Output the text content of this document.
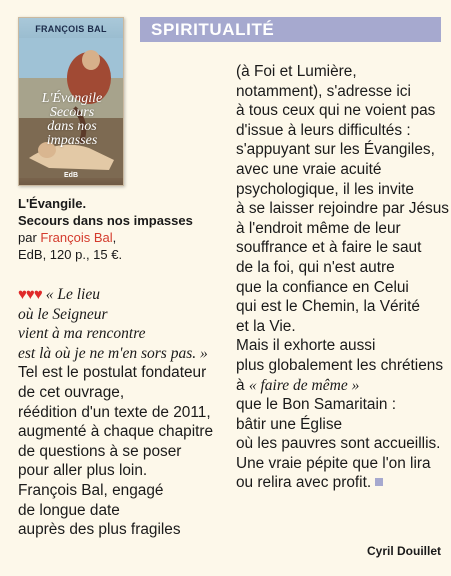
FRANÇOIS BAL
L'Évangile
Secours
dans nos
impasses
EdB
SPIRITUALITÉ
L'Évangile.
Secours dans nos impasses
par François Bal,
EdB, 120 p., 15 €.
♥♥♥ « Le lieu
où le Seigneur
vient à ma rencontre
est là où je ne m'en sors pas. »
Tel est le postulat fondateur
de cet ouvrage,
réédition d'un texte de 2011,
augmenté à chaque chapitre
de questions à se poser
pour aller plus loin.
François Bal, engagé
de longue date
auprès des plus fragiles
(à Foi et Lumière,
notamment), s'adresse ici
à tous ceux qui ne voient pas
d'issue à leurs difficultés :
s'appuyant sur les Évangiles,
avec une vraie acuité
psychologique, il les invite
à se laisser rejoindre par Jésus
à l'endroit même de leur
souffrance et à faire le saut
de la foi, qui n'est autre
que la confiance en Celui
qui est le Chemin, la Vérité
et la Vie.
Mais il exhorte aussi
plus globalement les chrétiens
à « faire de même »
que le Bon Samaritain :
bâtir une Église
où les pauvres sont accueillis.
Une vraie pépite que l'on lira
ou relira avec profit.
Cyril Douillet
